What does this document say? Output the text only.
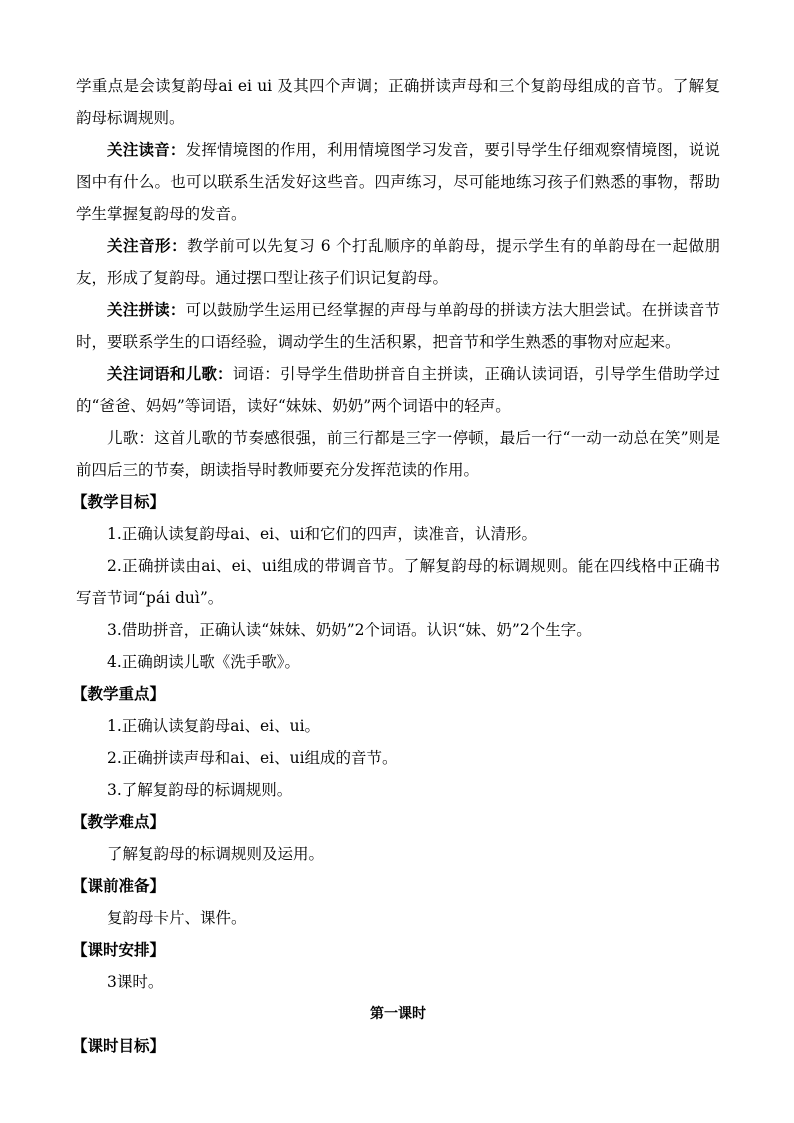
学重点是会读复韵母ai ei ui 及其四个声调；正确拼读声母和三个复韵母组成的音节。了解复韵母标调规则。

关注读音：发挥情境图的作用，利用情境图学习发音，要引导学生仔细观察情境图，说说图中有什么。也可以联系生活发好这些音。四声练习，尽可能地练习孩子们熟悉的事物，帮助学生掌握复韵母的发音。

关注音形：教学前可以先复习 6 个打乱顺序的单韵母，提示学生有的单韵母在一起做朋友，形成了复韵母。通过摆口型让孩子们识记复韵母。

关注拼读：可以鼓励学生运用已经掌握的声母与单韵母的拼读方法大胆尝试。在拼读音节时，要联系学生的口语经验，调动学生的生活积累，把音节和学生熟悉的事物对应起来。

关注词语和儿歌：词语：引导学生借助拼音自主拼读，正确认读词语，引导学生借助学过的“爸爸、妈妈”等词语，读好“妹妹、奶奶”两个词语中的轻声。

儿歌：这首儿歌的节奏感很强，前三行都是三字一停顿，最后一行“一动一动总在笑”则是前四后三的节奏，朗读指导时教师要充分发挥范读的作用。

【教学目标】

1.正确认读复韵母ai、ei、ui和它们的四声，读准音，认清形。

2.正确拼读由ai、ei、ui组成的带调音节。了解复韵母的标调规则。能在四线格中正确书写音节词“pái duì”。

3.借助拼音，正确认读“妹妹、奶奶”2个词语。认识“妹、奶”2个生字。

4.正确朗读儿歌《洗手歌》。

【教学重点】

1.正确认读复韵母ai、ei、ui。

2.正确拼读声母和ai、ei、ui组成的音节。

3.了解复韵母的标调规则。

【教学难点】

了解复韵母的标调规则及运用。

【课前准备】

复韵母卡片、课件。

【课时安排】

3课时。

第一课时

【课时目标】
